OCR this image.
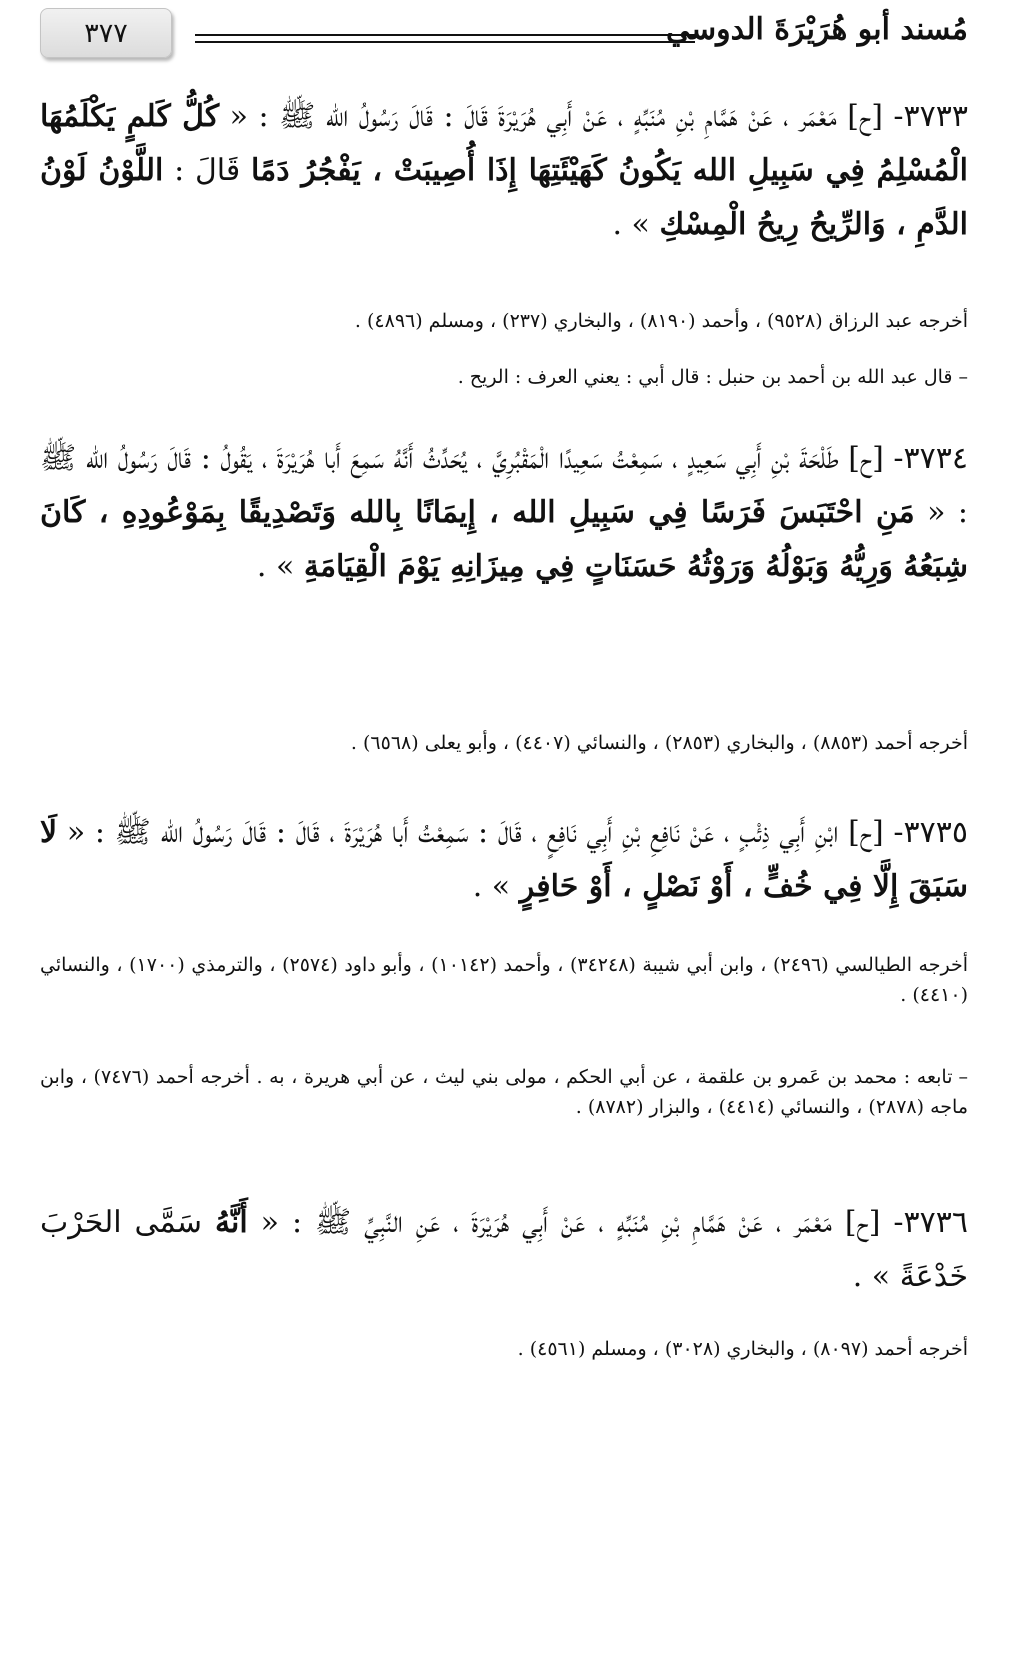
٣٧٧	مُسند أبو هُرَيْرَةَ الدوسي
٣٧٣٣- [ح] مَعْمَر ، عَنْ هَمَّامِ بْنِ مُنَبِّهٍ ، عَنْ أَبِي هُرَيْرَةَ قَالَ : قَالَ رَسُولُ الله ﷺ : « كُلُّ كَلمٍ يَكْلَمُهَا الْمُسْلِمُ فِي سَبِيلِ الله يَكُونُ كَهَيْئَتِهَا إِذَا أُصِيبَتْ ، يَفْجُرُ دَمًا قَالَ : اللَّوْنُ لَوْنُ الدَّمِ ، وَالرِّيحُ رِيحُ الْمِسْكِ » .
أخرجه عبد الرزاق (٩٥٢٨) ، وأحمد (٨١٩٠) ، والبخاري (٢٣٧) ، ومسلم (٤٨٩٦) .
–قال عبد الله بن أحمد بن حنبل : قال أبي : يعني العرف : الريح .
٣٧٣٤- [ح] طَلْحَةَ بْنِ أَبِي سَعِيدٍ ، سَمِعْتُ سَعِيدًا الْمَقْبُرِيَّ ، يُحَدِّثُ أَنَّهُ سَمِعَ أَبا هُرَيْرَةَ ، يَقُولُ : قَالَ رَسُولُ الله ﷺ : « مَنِ احْتَبَسَ فَرَسًا فِي سَبِيلِ الله ، إِيمَانًا بِالله وَتَصْدِيقًا بِمَوْعُودِهِ ، كَانَ شِبَعُهُ وَرِيُّهُ وَبَوْلُهُ وَرَوْثُهُ حَسَنَاتٍ فِي مِيزَانِهِ يَوْمَ الْقِيَامَةِ » .
أخرجه أحمد (٨٨٥٣) ، والبخاري (٢٨٥٣) ، والنسائي (٤٤٠٧) ، وأبو يعلى (٦٥٦٨) .
٣٧٣٥- [ح] ابْنِ أَبِي ذِئْبٍ ، عَنْ نَافِعِ بْنِ أَبِي نَافِعٍ ، قَالَ : سَمِعْتُ أَبا هُرَيْرَةَ ، قَالَ : قَالَ رَسُولُ الله ﷺ : « لَا سَبَقَ إِلَّا فِي خُفٍّ ، أَوْ نَصْلٍ ، أَوْ حَافِرٍ » .
أخرجه الطيالسي (٢٤٩٦) ، وابن أبي شيبة (٣٤٢٤٨) ، وأحمد (١٠١٤٢) ، وأبو داود (٢٥٧٤) ، والترمذي (١٧٠٠) ، والنسائي (٤٤١٠) .
–تابعه : محمد بن عَمرو بن علقمة ، عن أبي الحكم ، مولى بني ليث ، عن أبي هريرة ، به . أخرجه أحمد (٧٤٧٦) ، وابن ماجه (٢٨٧٨) ، والنسائي (٤٤١٤) ، والبزار (٨٧٨٢) .
٣٧٣٦- [ح] مَعْمَر ، عَنْ هَمَّامِ بْنِ مُنَبِّهٍ ، عَنْ أَبِي هُرَيْرَةَ ، عَنِ النَّبِيِّ ﷺ : « أَنَّهُ سَمَّى الحَرْبَ خَدْعَةً » .
أخرجه أحمد (٨٠٩٧) ، والبخاري (٣٠٢٨) ، ومسلم (٤٥٦١) .
